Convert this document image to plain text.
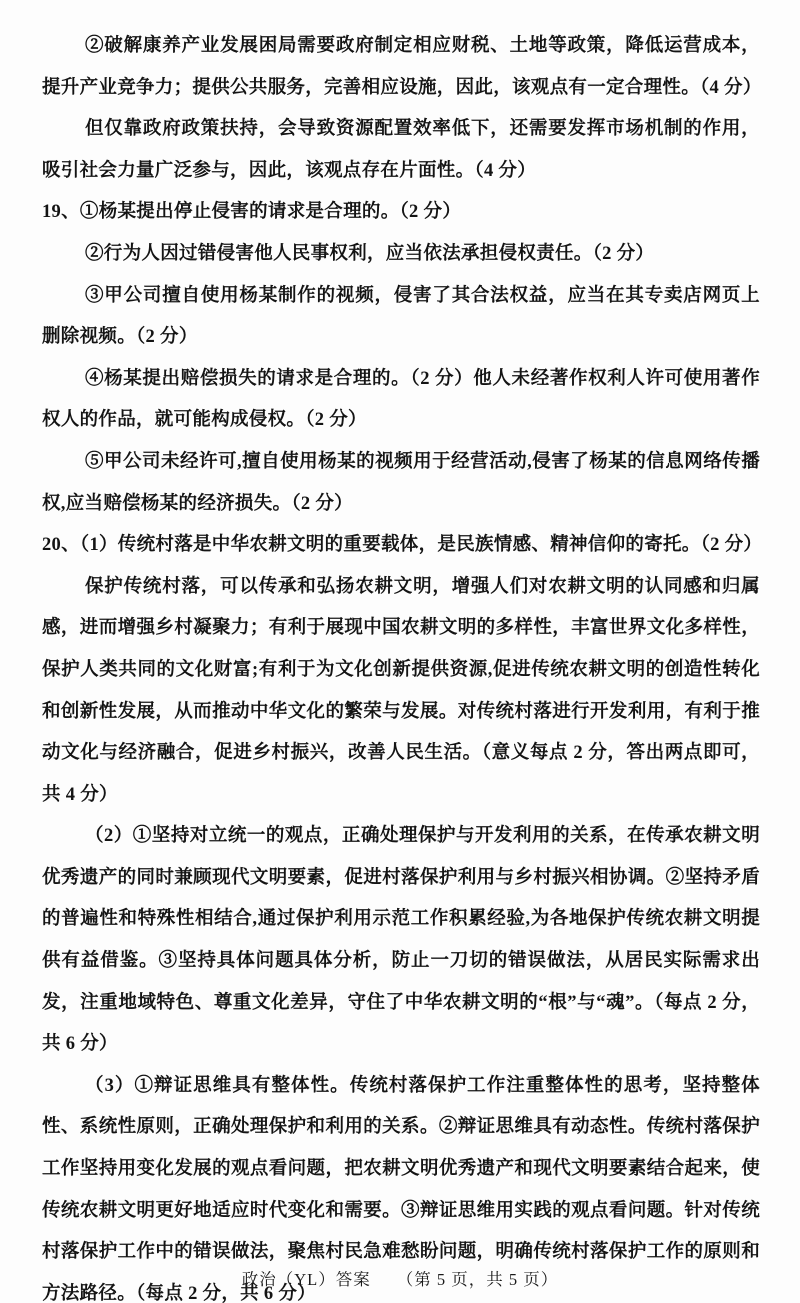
②破解康养产业发展困局需要政府制定相应财税、土地等政策，降低运营成本，提升产业竞争力；提供公共服务，完善相应设施，因此，该观点有一定合理性。（4 分）

但仅靠政府政策扶持，会导致资源配置效率低下，还需要发挥市场机制的作用，吸引社会力量广泛参与，因此，该观点存在片面性。（4 分）

19、①杨某提出停止侵害的请求是合理的。（2 分）

②行为人因过错侵害他人民事权利，应当依法承担侵权责任。（2 分）

③甲公司擅自使用杨某制作的视频，侵害了其合法权益，应当在其专卖店网页上删除视频。（2 分）

④杨某提出赔偿损失的请求是合理的。（2 分）他人未经著作权利人许可使用著作权人的作品，就可能构成侵权。（2 分）

⑤甲公司未经许可,擅自使用杨某的视频用于经营活动,侵害了杨某的信息网络传播权,应当赔偿杨某的经济损失。（2 分）

20、（1）传统村落是中华农耕文明的重要载体，是民族情感、精神信仰的寄托。（2 分）

保护传统村落，可以传承和弘扬农耕文明，增强人们对农耕文明的认同感和归属感，进而增强乡村凝聚力；有利于展现中国农耕文明的多样性，丰富世界文化多样性，保护人类共同的文化财富;有利于为文化创新提供资源,促进传统农耕文明的创造性转化和创新性发展，从而推动中华文化的繁荣与发展。对传统村落进行开发利用，有利于推动文化与经济融合，促进乡村振兴，改善人民生活。（意义每点 2 分，答出两点即可，共 4 分）

（2）①坚持对立统一的观点，正确处理保护与开发利用的关系，在传承农耕文明优秀遗产的同时兼顾现代文明要素，促进村落保护利用与乡村振兴相协调。②坚持矛盾的普遍性和特殊性相结合,通过保护利用示范工作积累经验,为各地保护传统农耕文明提供有益借鉴。③坚持具体问题具体分析，防止一刀切的错误做法，从居民实际需求出发，注重地域特色、尊重文化差异，守住了中华农耕文明的“根”与“魂”。（每点 2 分，共 6 分）

（3）①辩证思维具有整体性。传统村落保护工作注重整体性的思考，坚持整体性、系统性原则，正确处理保护和利用的关系。②辩证思维具有动态性。传统村落保护工作坚持用变化发展的观点看问题，把农耕文明优秀遗产和现代文明要素结合起来，使传统农耕文明更好地适应时代变化和需要。③辩证思维用实践的观点看问题。针对传统村落保护工作中的错误做法，聚焦村民急难愁盼问题，明确传统村落保护工作的原则和方法路径。（每点 2 分，共 6 分）

政治（YL）答案 （第 5 页，共 5 页）
